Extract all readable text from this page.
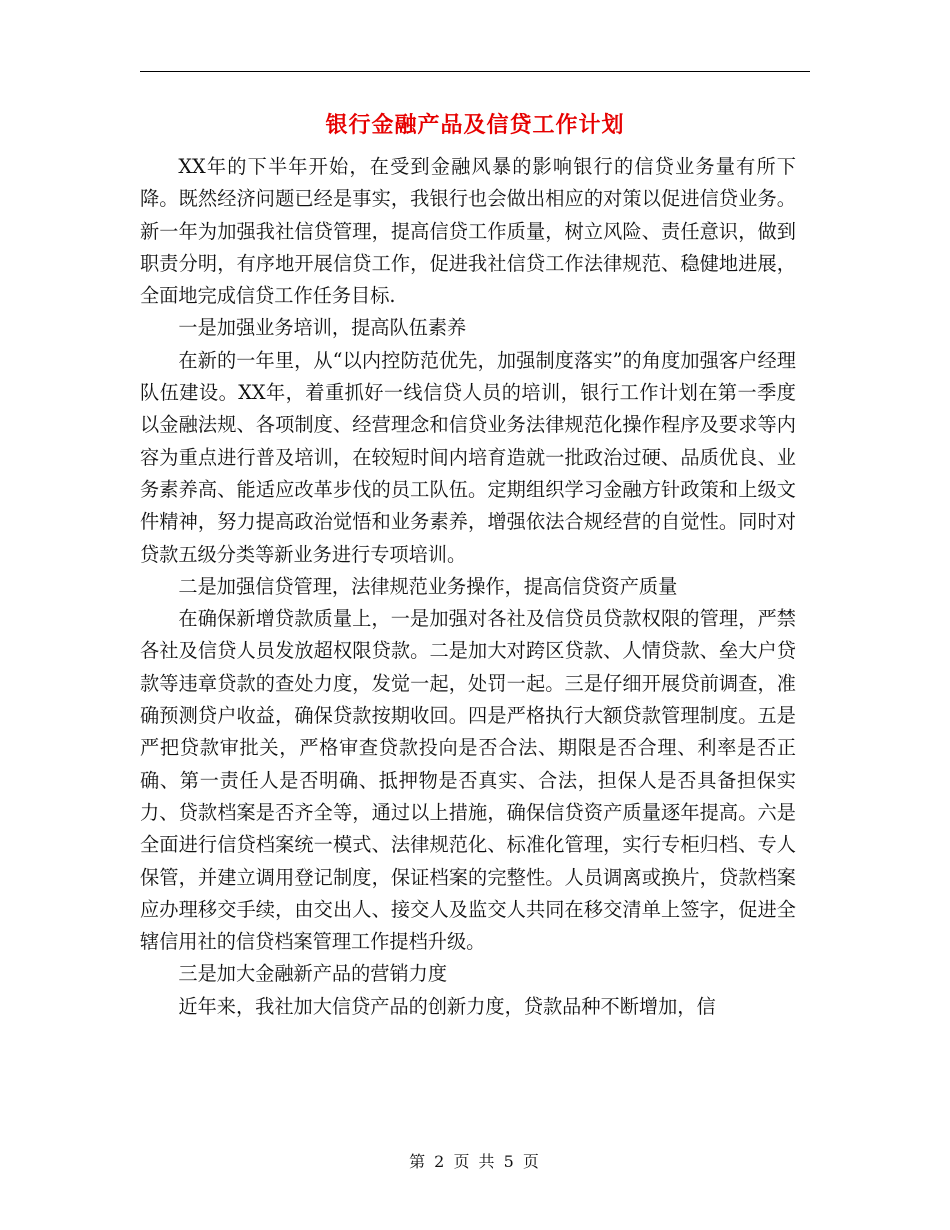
银行金融产品及信贷工作计划

XX年的下半年开始，在受到金融风暴的影响银行的信贷业务量有所下降。既然经济问题已经是事实，我银行也会做出相应的对策以促进信贷业务。新一年为加强我社信贷管理，提高信贷工作质量，树立风险、责任意识，做到职责分明，有序地开展信贷工作，促进我社信贷工作法律规范、稳健地进展，全面地完成信贷工作任务目标.

一是加强业务培训，提高队伍素养

在新的一年里，从“以内控防范优先，加强制度落实”的角度加强客户经理队伍建设。XX年，着重抓好一线信贷人员的培训，银行工作计划在第一季度以金融法规、各项制度、经营理念和信贷业务法律规范化操作程序及要求等内容为重点进行普及培训，在较短时间内培育造就一批政治过硬、品质优良、业务素养高、能适应改革步伐的员工队伍。定期组织学习金融方针政策和上级文件精神，努力提高政治觉悟和业务素养，增强依法合规经营的自觉性。同时对贷款五级分类等新业务进行专项培训。

二是加强信贷管理，法律规范业务操作，提高信贷资产质量

在确保新增贷款质量上，一是加强对各社及信贷员贷款权限的管理，严禁各社及信贷人员发放超权限贷款。二是加大对跨区贷款、人情贷款、垒大户贷款等违章贷款的查处力度，发觉一起，处罚一起。三是仔细开展贷前调查，准确预测贷户收益，确保贷款按期收回。四是严格执行大额贷款管理制度。五是严把贷款审批关，严格审查贷款投向是否合法、期限是否合理、利率是否正确、第一责任人是否明确、抵押物是否真实、合法，担保人是否具备担保实力、贷款档案是否齐全等，通过以上措施，确保信贷资产质量逐年提高。六是全面进行信贷档案统一模式、法律规范化、标准化管理，实行专柜归档、专人保管，并建立调用登记制度，保证档案的完整性。人员调离或换片，贷款档案应办理移交手续，由交出人、接交人及监交人共同在移交清单上签字，促进全辖信用社的信贷档案管理工作提档升级。

三是加大金融新产品的营销力度

近年来，我社加大信贷产品的创新力度，贷款品种不断增加，信

第 2 页 共 5 页
